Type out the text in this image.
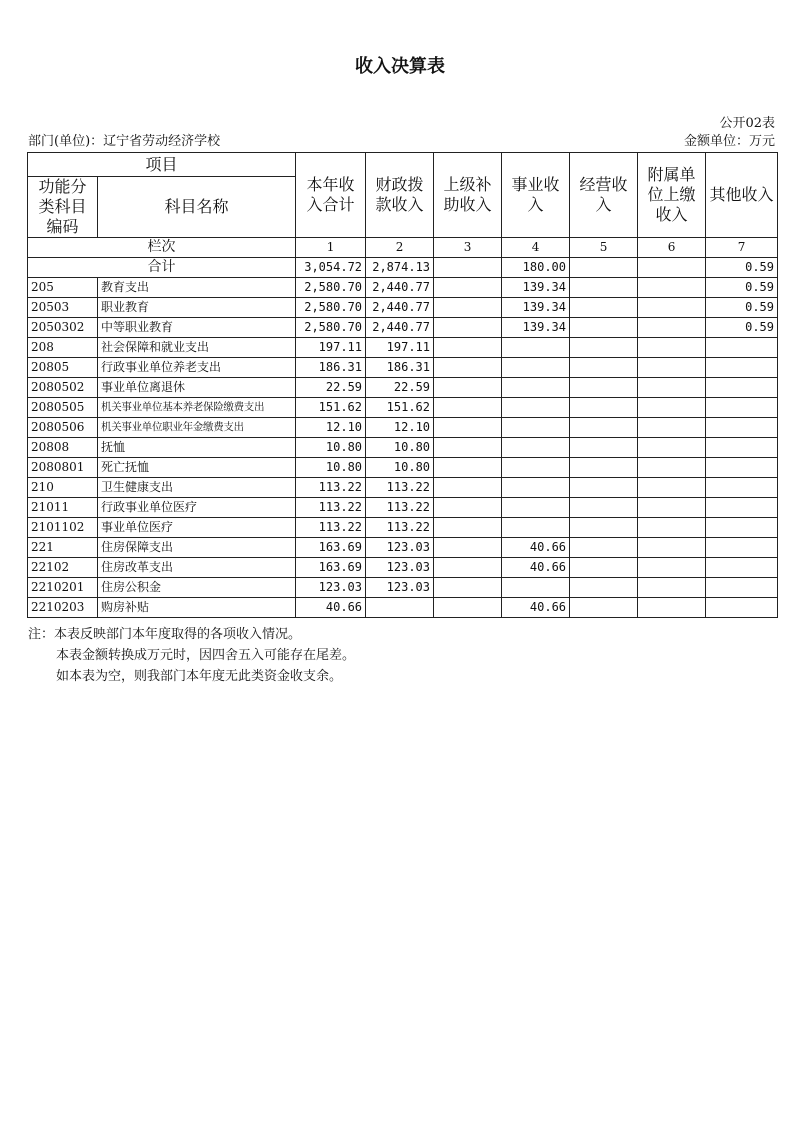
收入决算表
公开02表
部门(单位)：辽宁省劳动经济学校	金额单位：万元
项目		本年收入合计	财政拨款收入	上级补助收入	事业收入	经营收入	附属单位上缴收入	其他收入
功能分类科目编码	科目名称							
栏次		1	2	3	4	5	6	7
合计		3,054.72	2,874.13		180.00			0.59
205	教育支出	2,580.70	2,440.77		139.34			0.59
20503	职业教育	2,580.70	2,440.77		139.34			0.59
2050302	中等职业教育	2,580.70	2,440.77		139.34			0.59
208	社会保障和就业支出	197.11	197.11					
20805	行政事业单位养老支出	186.31	186.31					
2080502	事业单位离退休	22.59	22.59					
2080505	机关事业单位基本养老保险缴费支出	151.62	151.62					
2080506	机关事业单位职业年金缴费支出	12.10	12.10					
20808	抚恤	10.80	10.80					
2080801	死亡抚恤	10.80	10.80					
210	卫生健康支出	113.22	113.22					
21011	行政事业单位医疗	113.22	113.22					
2101102	事业单位医疗	113.22	113.22					
221	住房保障支出	163.69	123.03		40.66			
22102	住房改革支出	163.69	123.03		40.66			
2210201	住房公积金	123.03	123.03					
2210203	购房补贴	40.66			40.66			
注：本表反映部门本年度取得的各项收入情况。
本表金额转换成万元时，因四舍五入可能存在尾差。
如本表为空，则我部门本年度无此类资金收支余。
